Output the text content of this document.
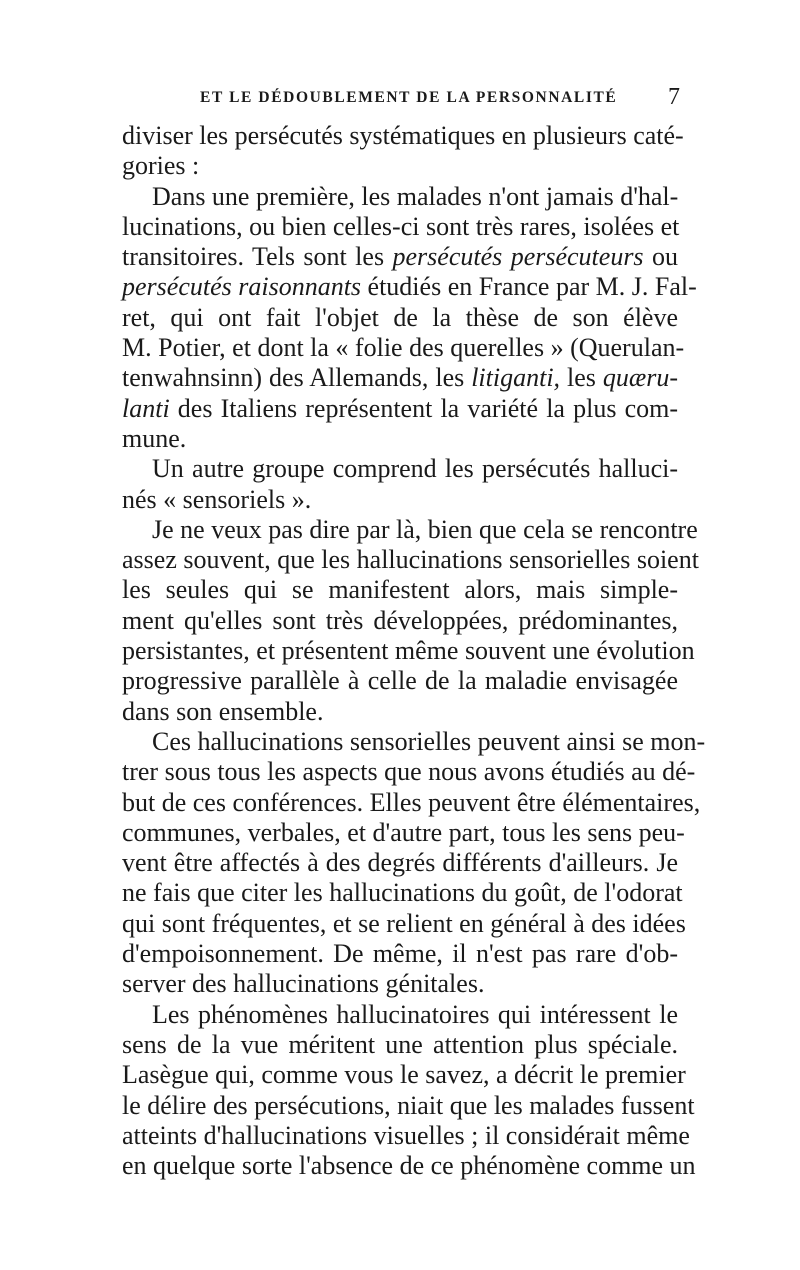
ET LE DÉDOUBLEMENT DE LA PERSONNALITÉ 7
diviser les persécutés systématiques en plusieurs caté-
gories :
Dans une première, les malades n'ont jamais d'hal-
lucinations, ou bien celles-ci sont très rares, isolées et
transitoires. Tels sont les persécutés persécuteurs ou
persécutés raisonnants étudiés en France par M. J. Fal-
ret, qui ont fait l'objet de la thèse de son élève
M. Potier, et dont la « folie des querelles » (Querulan-
tenwahnsinn) des Allemands, les litiganti, les quæru-
lanti des Italiens représentent la variété la plus com-
mune.
Un autre groupe comprend les persécutés halluci-
nés « sensoriels ».
Je ne veux pas dire par là, bien que cela se rencontre
assez souvent, que les hallucinations sensorielles soient
les seules qui se manifestent alors, mais simple-
ment qu'elles sont très développées, prédominantes,
persistantes, et présentent même souvent une évolution
progressive parallèle à celle de la maladie envisagée
dans son ensemble.
Ces hallucinations sensorielles peuvent ainsi se mon-
trer sous tous les aspects que nous avons étudiés au dé-
but de ces conférences. Elles peuvent être élémentaires,
communes, verbales, et d'autre part, tous les sens peu-
vent être affectés à des degrés différents d'ailleurs. Je
ne fais que citer les hallucinations du goût, de l'odorat
qui sont fréquentes, et se relient en général à des idées
d'empoisonnement. De même, il n'est pas rare d'ob-
server des hallucinations génitales.
Les phénomènes hallucinatoires qui intéressent le
sens de la vue méritent une attention plus spéciale.
Lasègue qui, comme vous le savez, a décrit le premier
le délire des persécutions, niait que les malades fussent
atteints d'hallucinations visuelles ; il considérait même
en quelque sorte l'absence de ce phénomène comme un
